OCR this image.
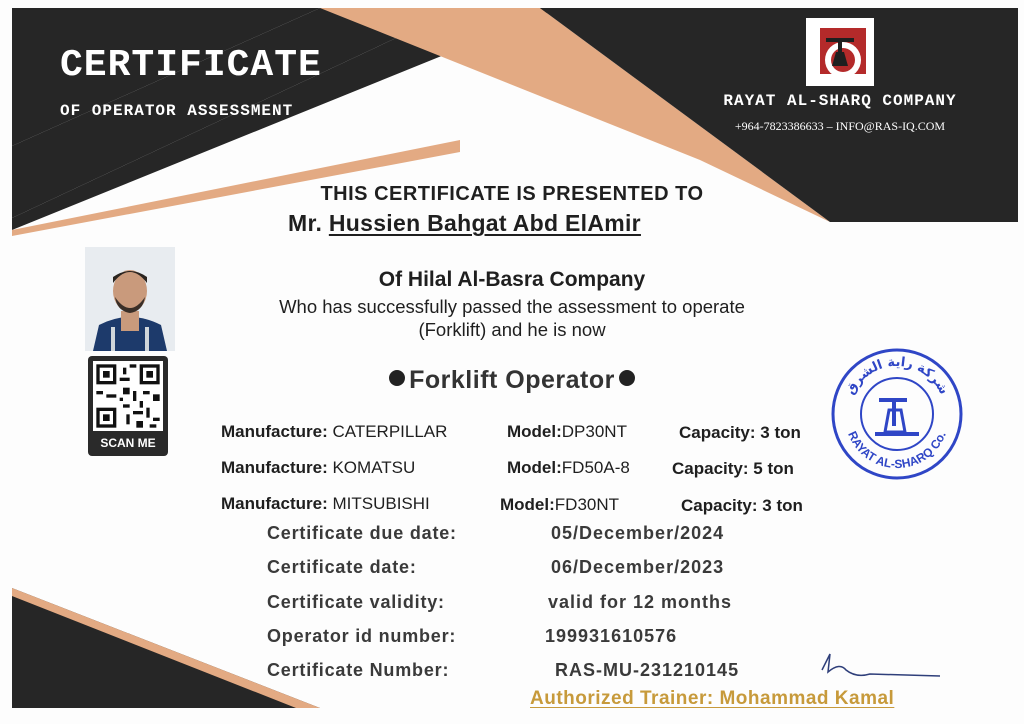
CERTIFICATE
OF OPERATOR ASSESSMENT
RAYAT AL-SHARQ COMPANY
+964-7823386633 – INFO@RAS-IQ.COM
THIS CERTIFICATE IS PRESENTED TO
Mr. Hussien Bahgat Abd ElAmir
Of Hilal Al-Basra Company
Who has successfully passed the assessment to operate
(Forklift) and he is now
SCAN ME
Forklift Operator
Manufacture: CATERPILLAR	Model:DP30NT	Capacity: 3 ton
Manufacture: KOMATSU	Model:FD50A-8 Capacity: 5 ton
Manufacture: MITSUBISHI	Model:FD30NT	Capacity: 3 ton
Certificate due date:	05/December/2024
Certificate date:	06/December/2023
Certificate validity:	valid for 12 months
Operator id number:	199931610576
Certificate Number:	RAS-MU-231210145
شركة راية الشرق
RAYAT AL-SHARQ Co.
Authorized Trainer: Mohammad Kamal
